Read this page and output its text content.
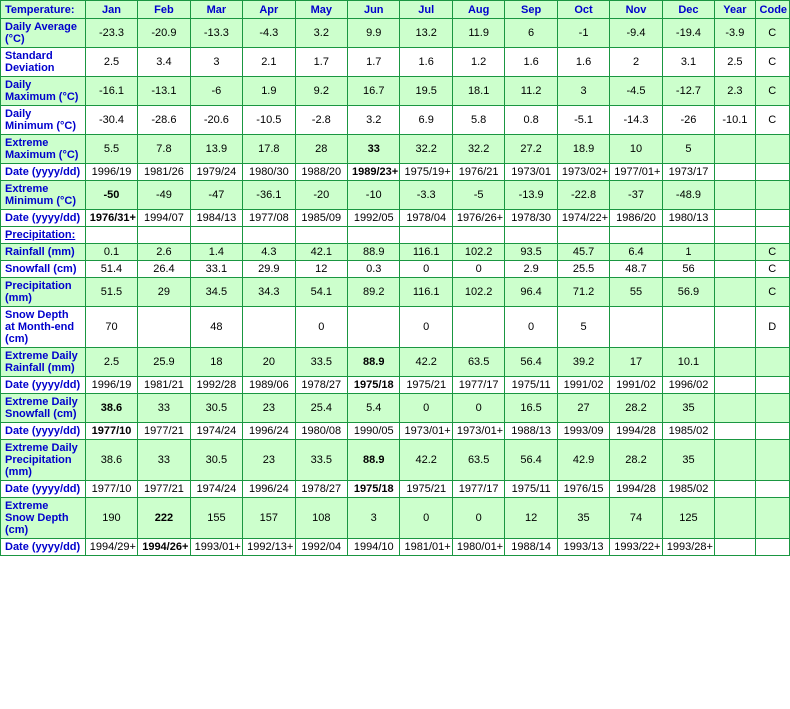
Temperature:	Jan	Feb	Mar	Apr	May	Jun	Jul	Aug	Sep	Oct	Nov	Dec	Year	Code
Daily Average (°C)	-23.3	-20.9	-13.3	-4.3	3.2	9.9	13.2	11.9	6	-1	-9.4	-19.4	-3.9	C
Standard Deviation	2.5	3.4	3	2.1	1.7	1.7	1.6	1.2	1.6	1.6	2	3.1	2.5	C
Daily Maximum (°C)	-16.1	-13.1	-6	1.9	9.2	16.7	19.5	18.1	11.2	3	-4.5	-12.7	2.3	C
Daily Minimum (°C)	-30.4	-28.6	-20.6	-10.5	-2.8	3.2	6.9	5.8	0.8	-5.1	-14.3	-26	-10.1	C
Extreme Maximum (°C)	5.5	7.8	13.9	17.8	28	33	32.2	32.2	27.2	18.9	10	5		
Date (yyyy/dd)	1996/19	1981/26	1979/24	1980/30	1988/20	1989/23+	1975/19+	1976/21	1973/01	1973/02+	1977/01+	1973/17		
Extreme Minimum (°C)	-50	-49	-47	-36.1	-20	-10	-3.3	-5	-13.9	-22.8	-37	-48.9		
Date (yyyy/dd)	1976/31+	1994/07	1984/13	1977/08	1985/09	1992/05	1978/04	1976/26+	1978/30	1974/22+	1986/20	1980/13		
Precipitation:														
Rainfall (mm)	0.1	2.6	1.4	4.3	42.1	88.9	116.1	102.2	93.5	45.7	6.4	1		C
Snowfall (cm)	51.4	26.4	33.1	29.9	12	0.3	0	0	2.9	25.5	48.7	56		C
Precipitation (mm)	51.5	29	34.5	34.3	54.1	89.2	116.1	102.2	96.4	71.2	55	56.9		C
Snow Depth at Month-end (cm)	70		48		0		0		0	5				D
Extreme Daily Rainfall (mm)	2.5	25.9	18	20	33.5	88.9	42.2	63.5	56.4	39.2	17	10.1		
Date (yyyy/dd)	1996/19	1981/21	1992/28	1989/06	1978/27	1975/18	1975/21	1977/17	1975/11	1991/02	1991/02	1996/02		
Extreme Daily Snowfall (cm)	38.6	33	30.5	23	25.4	5.4	0	0	16.5	27	28.2	35		
Date (yyyy/dd)	1977/10	1977/21	1974/24	1996/24	1980/08	1990/05	1973/01+	1973/01+	1988/13	1993/09	1994/28	1985/02		
Extreme Daily Precipitation (mm)	38.6	33	30.5	23	33.5	88.9	42.2	63.5	56.4	42.9	28.2	35		
Date (yyyy/dd)	1977/10	1977/21	1974/24	1996/24	1978/27	1975/18	1975/21	1977/17	1975/11	1976/15	1994/28	1985/02		
Extreme Snow Depth (cm)	190	222	155	157	108	3	0	0	12	35	74	125		
Date (yyyy/dd)	1994/29+	1994/26+	1993/01+	1992/13+	1992/04	1994/10	1981/01+	1980/01+	1988/14	1993/13	1993/22+	1993/28+		
